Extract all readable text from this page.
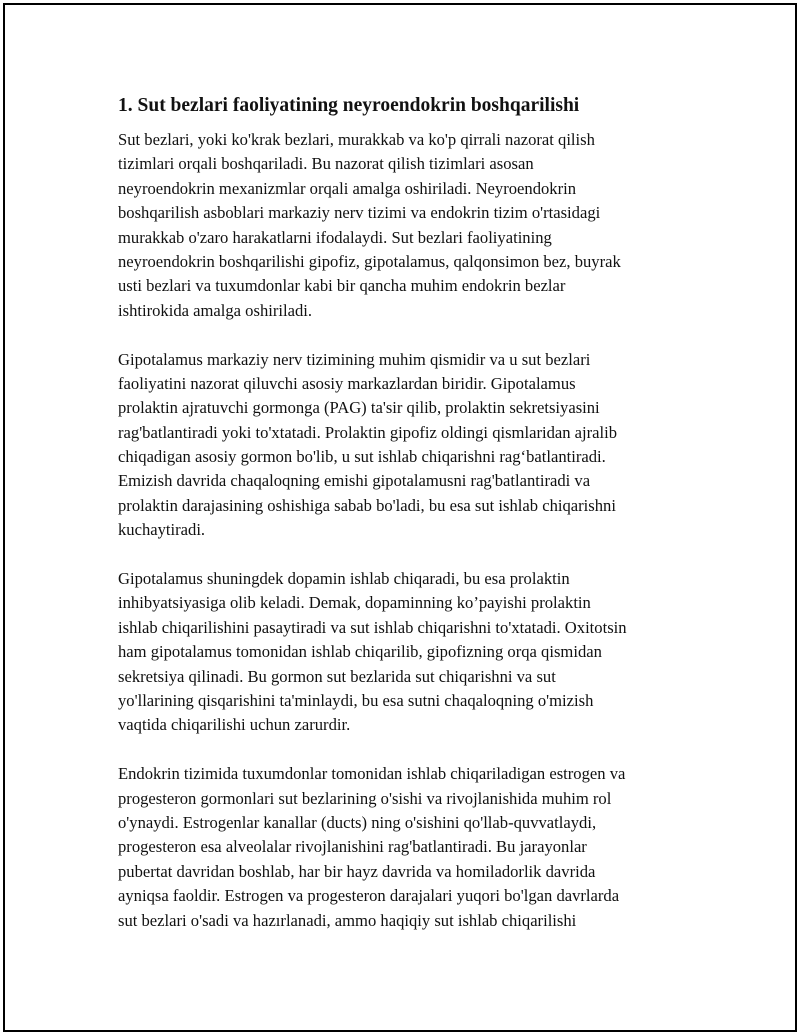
1. Sut bezlari faoliyatining neyroendokrin boshqarilishi
Sut bezlari, yoki ko'krak bezlari, murakkab va ko'p qirrali nazorat qilish
tizimlari orqali boshqariladi. Bu nazorat qilish tizimlari asosan
neyroendokrin mexanizmlar orqali amalga oshiriladi. Neyroendokrin
boshqarilish asboblari markaziy nerv tizimi va endokrin tizim o'rtasidagi
murakkab o'zaro harakatlarni ifodalaydi. Sut bezlari faoliyatining
neyroendokrin boshqarilishi gipofiz, gipotalamus, qalqonsimon bez, buyrak
usti bezlari va tuxumdonlar kabi bir qancha muhim endokrin bezlar
ishtirokida amalga oshiriladi.
Gipotalamus markaziy nerv tizimining muhim qismidir va u sut bezlari
faoliyatini nazorat qiluvchi asosiy markazlardan biridir. Gipotalamus
prolaktin ajratuvchi gormonga (PAG) ta'sir qilib, prolaktin sekretsiyasini
rag'batlantiradi yoki to'xtatadi. Prolaktin gipofiz oldingi qismlaridan ajralib
chiqadigan asosiy gormon bo'lib, u sut ishlab chiqarishni rag‘batlantiradi.
Emizish davrida chaqaloqning emishi gipotalamusni rag'batlantiradi va
prolaktin darajasining oshishiga sabab bo'ladi, bu esa sut ishlab chiqarishni
kuchaytiradi.
Gipotalamus shuningdek dopamin ishlab chiqaradi, bu esa prolaktin
inhibyatsiyasiga olib keladi. Demak, dopaminning ko’payishi prolaktin
ishlab chiqarilishini pasaytiradi va sut ishlab chiqarishni to'xtatadi. Oxitotsin
ham gipotalamus tomonidan ishlab chiqarilib, gipofizning orqa qismidan
sekretsiya qilinadi. Bu gormon sut bezlarida sut chiqarishni va sut
yo'llarining qisqarishini ta'minlaydi, bu esa sutni chaqaloqning o'mizish
vaqtida chiqarilishi uchun zarurdir.
Endokrin tizimida tuxumdonlar tomonidan ishlab chiqariladigan estrogen va
progesteron gormonlari sut bezlarining o'sishi va rivojlanishida muhim rol
o'ynaydi. Estrogenlar kanallar (ducts) ning o'sishini qo'llab-quvvatlaydi,
progesteron esa alveolalar rivojlanishini rag'batlantiradi. Bu jarayonlar
pubertat davridan boshlab, har bir hayz davrida va homiladorlik davrida
ayniqsa faoldir. Estrogen va progesteron darajalari yuqori bo'lgan davrlarda
sut bezlari o'sadi va hazırlanadi, ammo haqiqiy sut ishlab chiqarilishi
